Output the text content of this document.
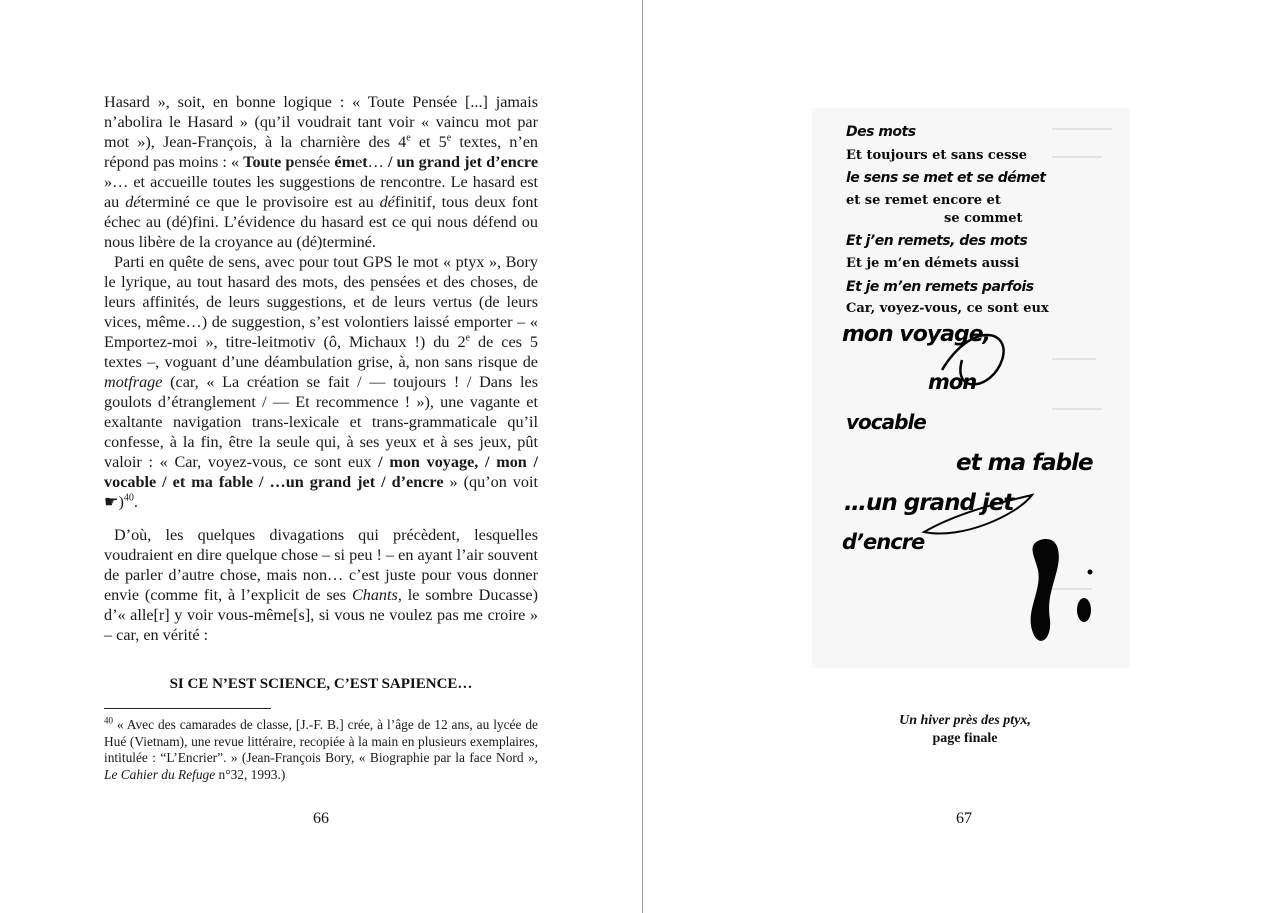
Hasard », soit, en bonne logique : « Toute Pensée [...] jamais n’abolira le Hasard » (qu’il voudrait tant voir « vaincu mot par mot »), Jean-François, à la charnière des 4e et 5e textes, n’en répond pas moins : « Toute pensée émet… / un grand jet d’encre »… et accueille toutes les suggestions de rencontre. Le hasard est au déterminé ce que le provisoire est au définitif, tous deux font échec au (dé)fini. L’évidence du hasard est ce qui nous défend ou nous libère de la croyance au (dé)terminé.

Parti en quête de sens, avec pour tout GPS le mot « ptyx », Bory le lyrique, au tout hasard des mots, des pensées et des choses, de leurs affinités, de leurs suggestions, et de leurs vertus (de leurs vices, même…) de suggestion, s’est volontiers laissé emporter – « Emportez-moi », titre-leitmotiv (ô, Michaux !) du 2e de ces 5 textes –, voguant d’une déambulation grise, à, non sans risque de motfrage (car, « La création se fait / — toujours ! / Dans les goulots d’étranglement / — Et recommence ! »), une vagante et exaltante navigation trans-lexicale et trans-grammaticale qu’il confesse, à la fin, être la seule qui, à ses yeux et à ses jeux, pût valoir : « Car, voyez-vous, ce sont eux / mon voyage, / mon / vocable / et ma fable / …un grand jet / d’encre » (qu’on voit ☛)$^{40}$.

D’où, les quelques divagations qui précèdent, lesquelles voudraient en dire quelque chose – si peu ! – en ayant l’air souvent de parler d’autre chose, mais non… c’est juste pour vous donner envie (comme fit, à l’explicit de ses Chants, le sombre Ducasse) d’« alle[r] y voir vous-même[s], si vous ne voulez pas me croire » – car, en vérité :

SI CE N’EST SCIENCE, C’EST SAPIENCE…
$^{40}$ « Avec des camarades de classe, [J.-F. B.] crée, à l’âge de 12 ans, au lycée de Hué (Vietnam), une revue littéraire, recopiée à la main en plusieurs exemplaires, intitulée : “L’Encrier”. » (Jean-François Bory, « Biographie par la face Nord », Le Cahier du Refuge n°32, 1993.)
66
Des mots
Et toujours et sans cesse
le sens se met et se démet
et se remet encore et
se commet
Et j’en remets, des mots
Et je m’en démets aussi
Et je m’en remets parfois
Car, voyez-vous, ce sont eux
mon voyage,
mon
vocable
et ma fable
…un grand jet
d’encre
Un hiver près des ptyx,
page finale
67
